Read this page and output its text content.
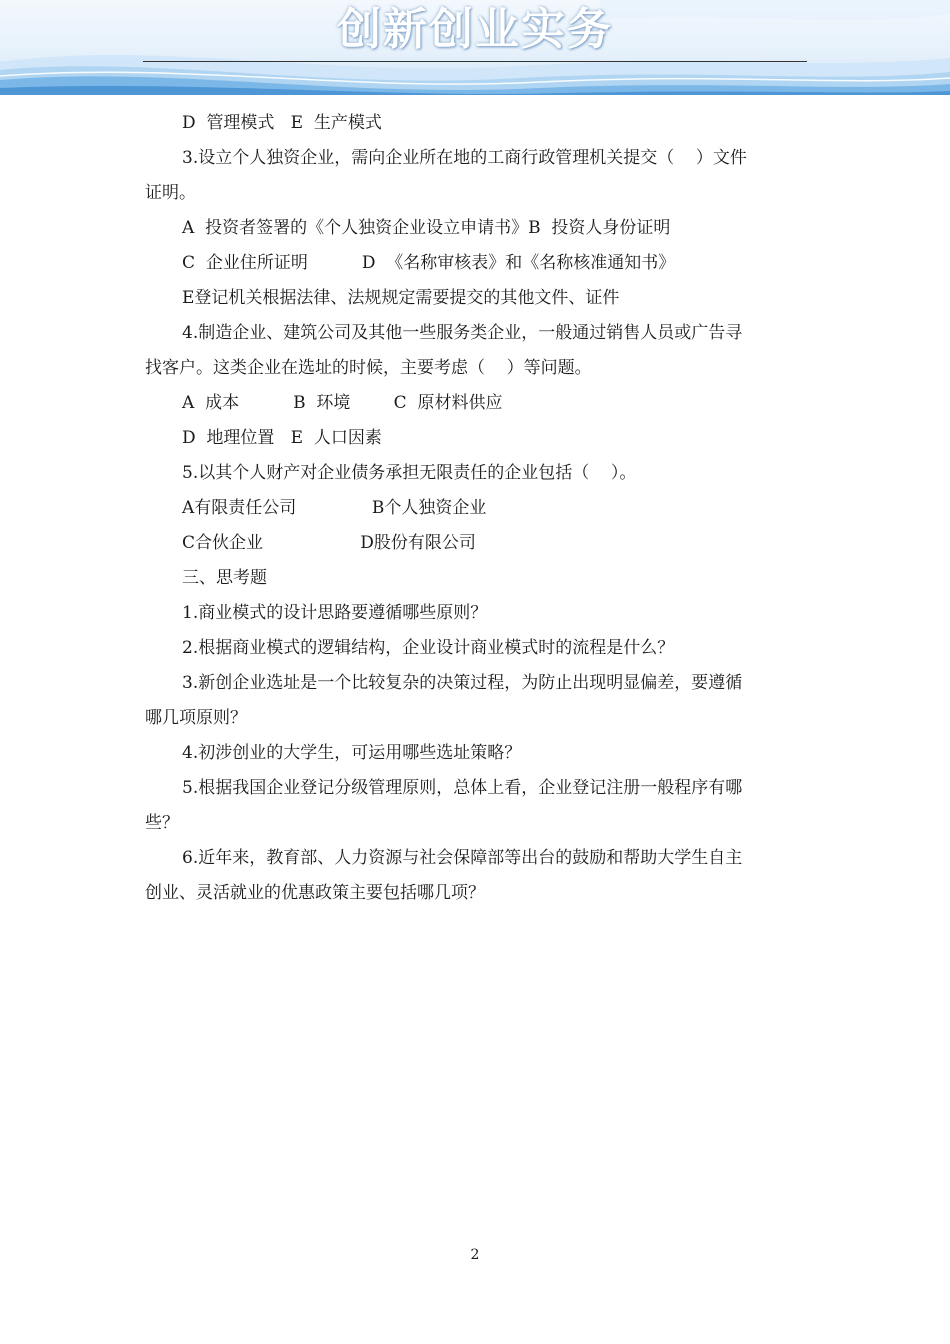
创新创业实务
D  管理模式   E  生产模式
3.设立个人独资企业，需向企业所在地的工商行政管理机关提交（    ）文件
证明。
A  投资者签署的《个人独资企业设立申请书》B  投资人身份证明
C  企业住所证明          D  《名称审核表》和《名称核准通知书》
E登记机关根据法律、法规规定需要提交的其他文件、证件
4.制造企业、建筑公司及其他一些服务类企业，一般通过销售人员或广告寻
找客户。这类企业在选址的时候，主要考虑（    ）等问题。
A  成本          B  环境        C  原材料供应
D  地理位置   E  人口因素
5.以其个人财产对企业债务承担无限责任的企业包括（    ）。
A有限责任公司              B个人独资企业
C合伙企业                  D股份有限公司
三、思考题
1.商业模式的设计思路要遵循哪些原则？
2.根据商业模式的逻辑结构，企业设计商业模式时的流程是什么？
3.新创企业选址是一个比较复杂的决策过程，为防止出现明显偏差，要遵循
哪几项原则？
4.初涉创业的大学生，可运用哪些选址策略？
5.根据我国企业登记分级管理原则，总体上看，企业登记注册一般程序有哪
些？
6.近年来，教育部、人力资源与社会保障部等出台的鼓励和帮助大学生自主
创业、灵活就业的优惠政策主要包括哪几项？
2
